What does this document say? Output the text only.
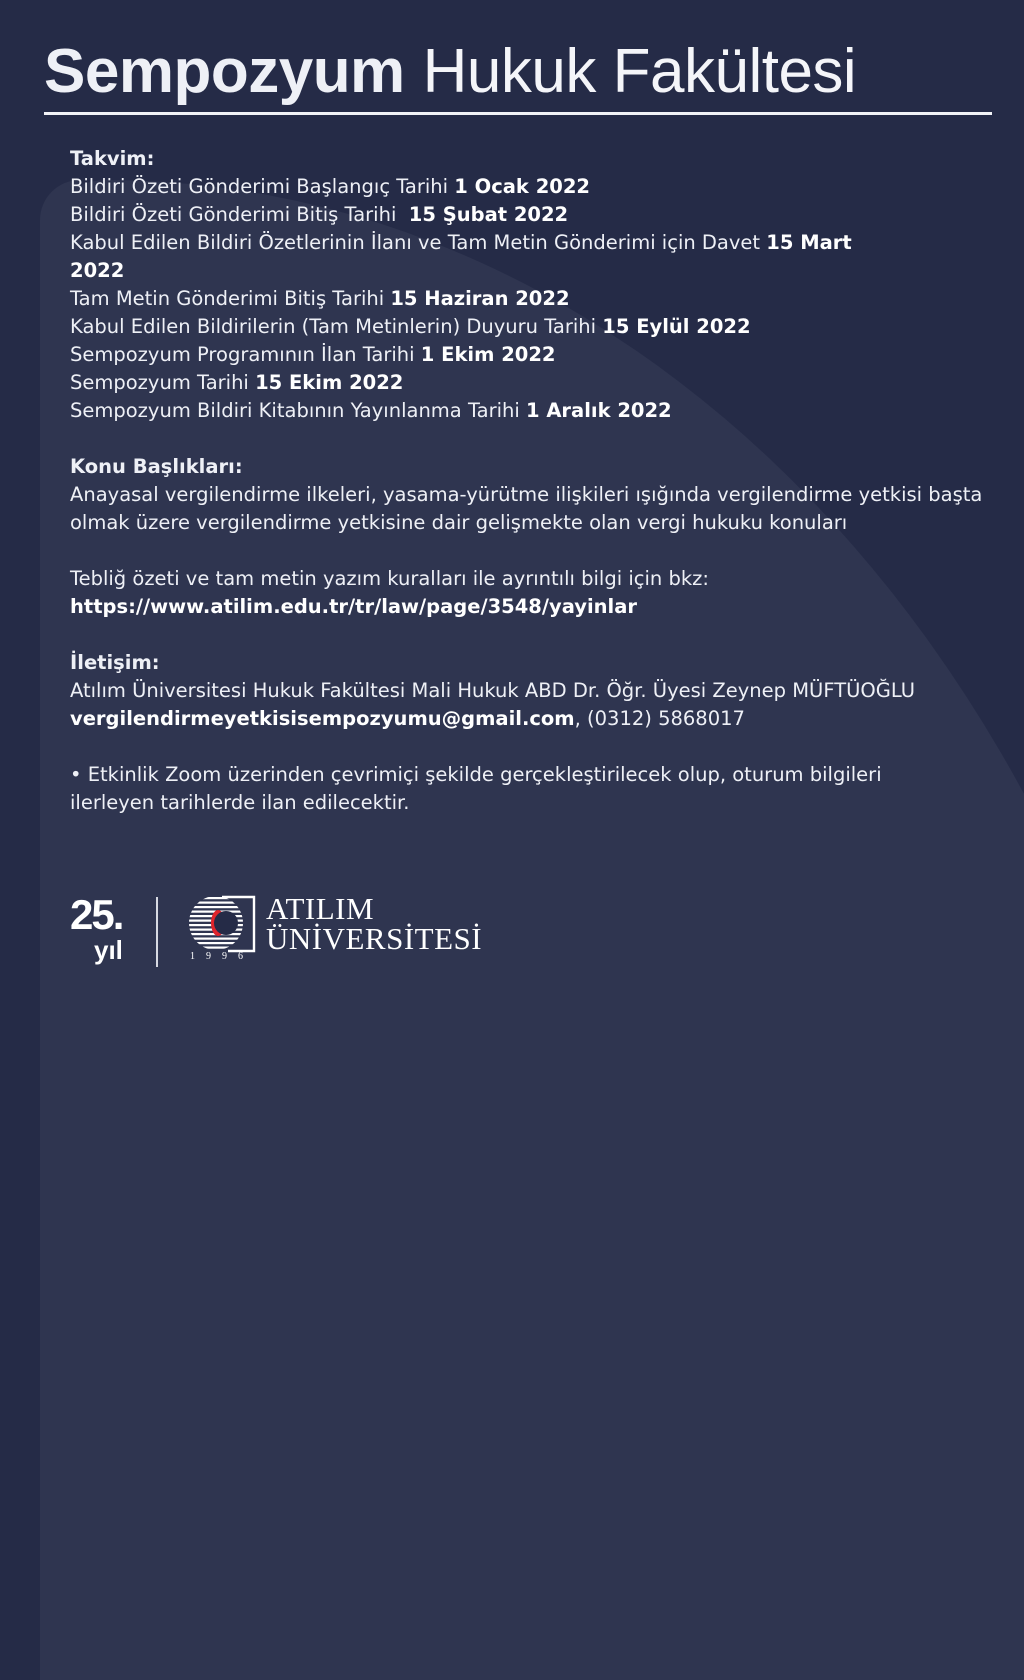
Sempozyum Hukuk Fakültesi
Takvim:
Bildiri Özeti Gönderimi Başlangıç Tarihi 1 Ocak 2022
Bildiri Özeti Gönderimi Bitiş Tarihi  15 Şubat 2022
Kabul Edilen Bildiri Özetlerinin İlanı ve Tam Metin Gönderimi için Davet 15 Mart
2022
Tam Metin Gönderimi Bitiş Tarihi 15 Haziran 2022
Kabul Edilen Bildirilerin (Tam Metinlerin) Duyuru Tarihi 15 Eylül 2022
Sempozyum Programının İlan Tarihi 1 Ekim 2022
Sempozyum Tarihi 15 Ekim 2022
Sempozyum Bildiri Kitabının Yayınlanma Tarihi 1 Aralık 2022
Konu Başlıkları:
Anayasal vergilendirme ilkeleri, yasama-yürütme ilişkileri ışığında vergilendirme yetkisi başta olmak üzere vergilendirme yetkisine dair gelişmekte olan vergi hukuku konuları
Tebliğ özeti ve tam metin yazım kuralları ile ayrıntılı bilgi için bkz:
https://www.atilim.edu.tr/tr/law/page/3548/yayinlar
İletişim:
Atılım Üniversitesi Hukuk Fakültesi Mali Hukuk ABD Dr. Öğr. Üyesi Zeynep MÜFTÜOĞLU
vergilendirmeyetkisisempozyumu@gmail.com, (0312) 5868017
• Etkinlik Zoom üzerinden çevrimiçi şekilde gerçekleştirilecek olup, oturum bilgileri ilerleyen tarihlerde ilan edilecektir.
25.
yıl	1996
ATILIM
ÜNİVERSİTESİ
